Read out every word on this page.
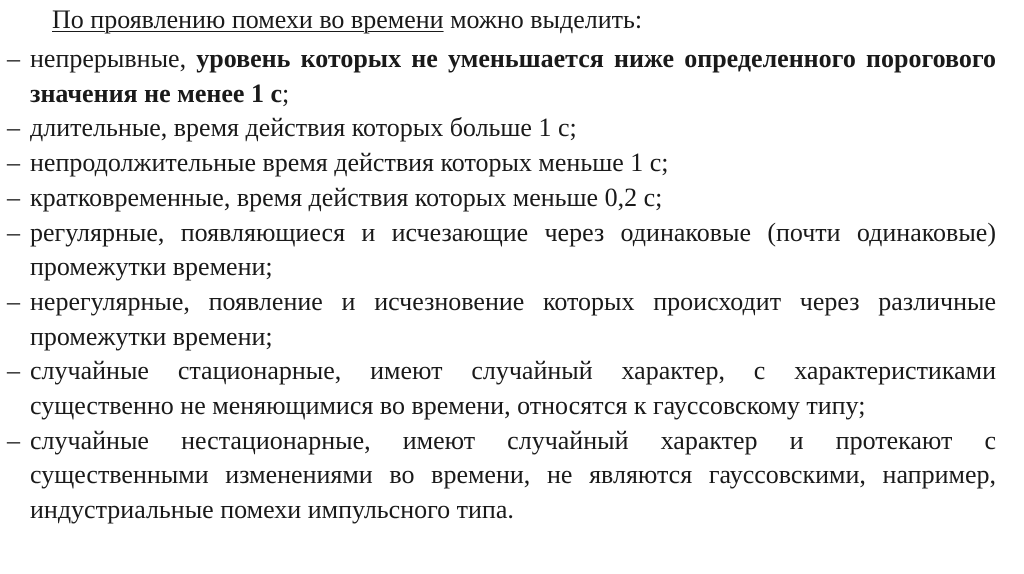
По проявлению помехи во времени можно выделить:
– непрерывные, уровень которых не уменьшается ниже определенного порогового значения не менее 1 с;
– длительные, время действия которых больше 1 с;
– непродолжительные время действия которых меньше 1 с;
– кратковременные, время действия которых меньше 0,2 с;
– регулярные, появляющиеся и исчезающие через одинаковые (почти одинаковые) промежутки времени;
– нерегулярные, появление и исчезновение которых происходит через различные промежутки времени;
– случайные стационарные, имеют случайный характер, с характеристиками существенно не меняющимися во времени, относятся к гауссовскому типу;
– случайные нестационарные, имеют случайный характер и протекают с существенными изменениями во времени, не являются гауссовскими, например, индустриальные помехи импульсного типа.
